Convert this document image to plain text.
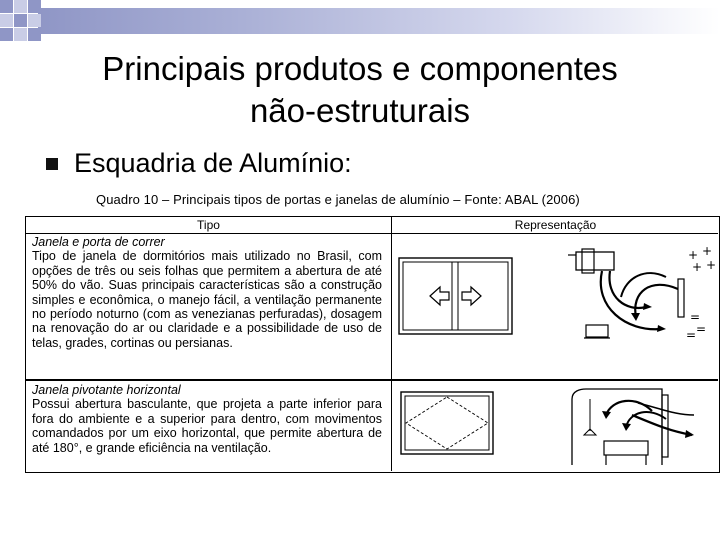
Principais produtos e componentes
não-estruturais
Esquadria de Alumínio:
Quadro 10 – Principais tipos de portas e janelas de alumínio – Fonte: ABAL (2006)
Tipo	Representação
Janela e porta de correr
Tipo de janela de dormitórios mais utilizado no Brasil, com opções de três ou seis folhas que permitem a abertura de até 50% do vão. Suas principais características são a construção simples e econômica, o manejo fácil, a ventilação permanente no período noturno (com as venezianas perfuradas), dosagem na renovação do ar ou claridade e a possibilidade de uso de telas, grades, cortinas ou persianas.
+ +
+ +
=
=
=
Janela pivotante horizontal
Possui abertura basculante, que projeta a parte inferior para fora do ambiente e a superior para dentro, com movimentos comandados por um eixo horizontal, que permite abertura de até 180°, e grande eficiência na ventilação.
